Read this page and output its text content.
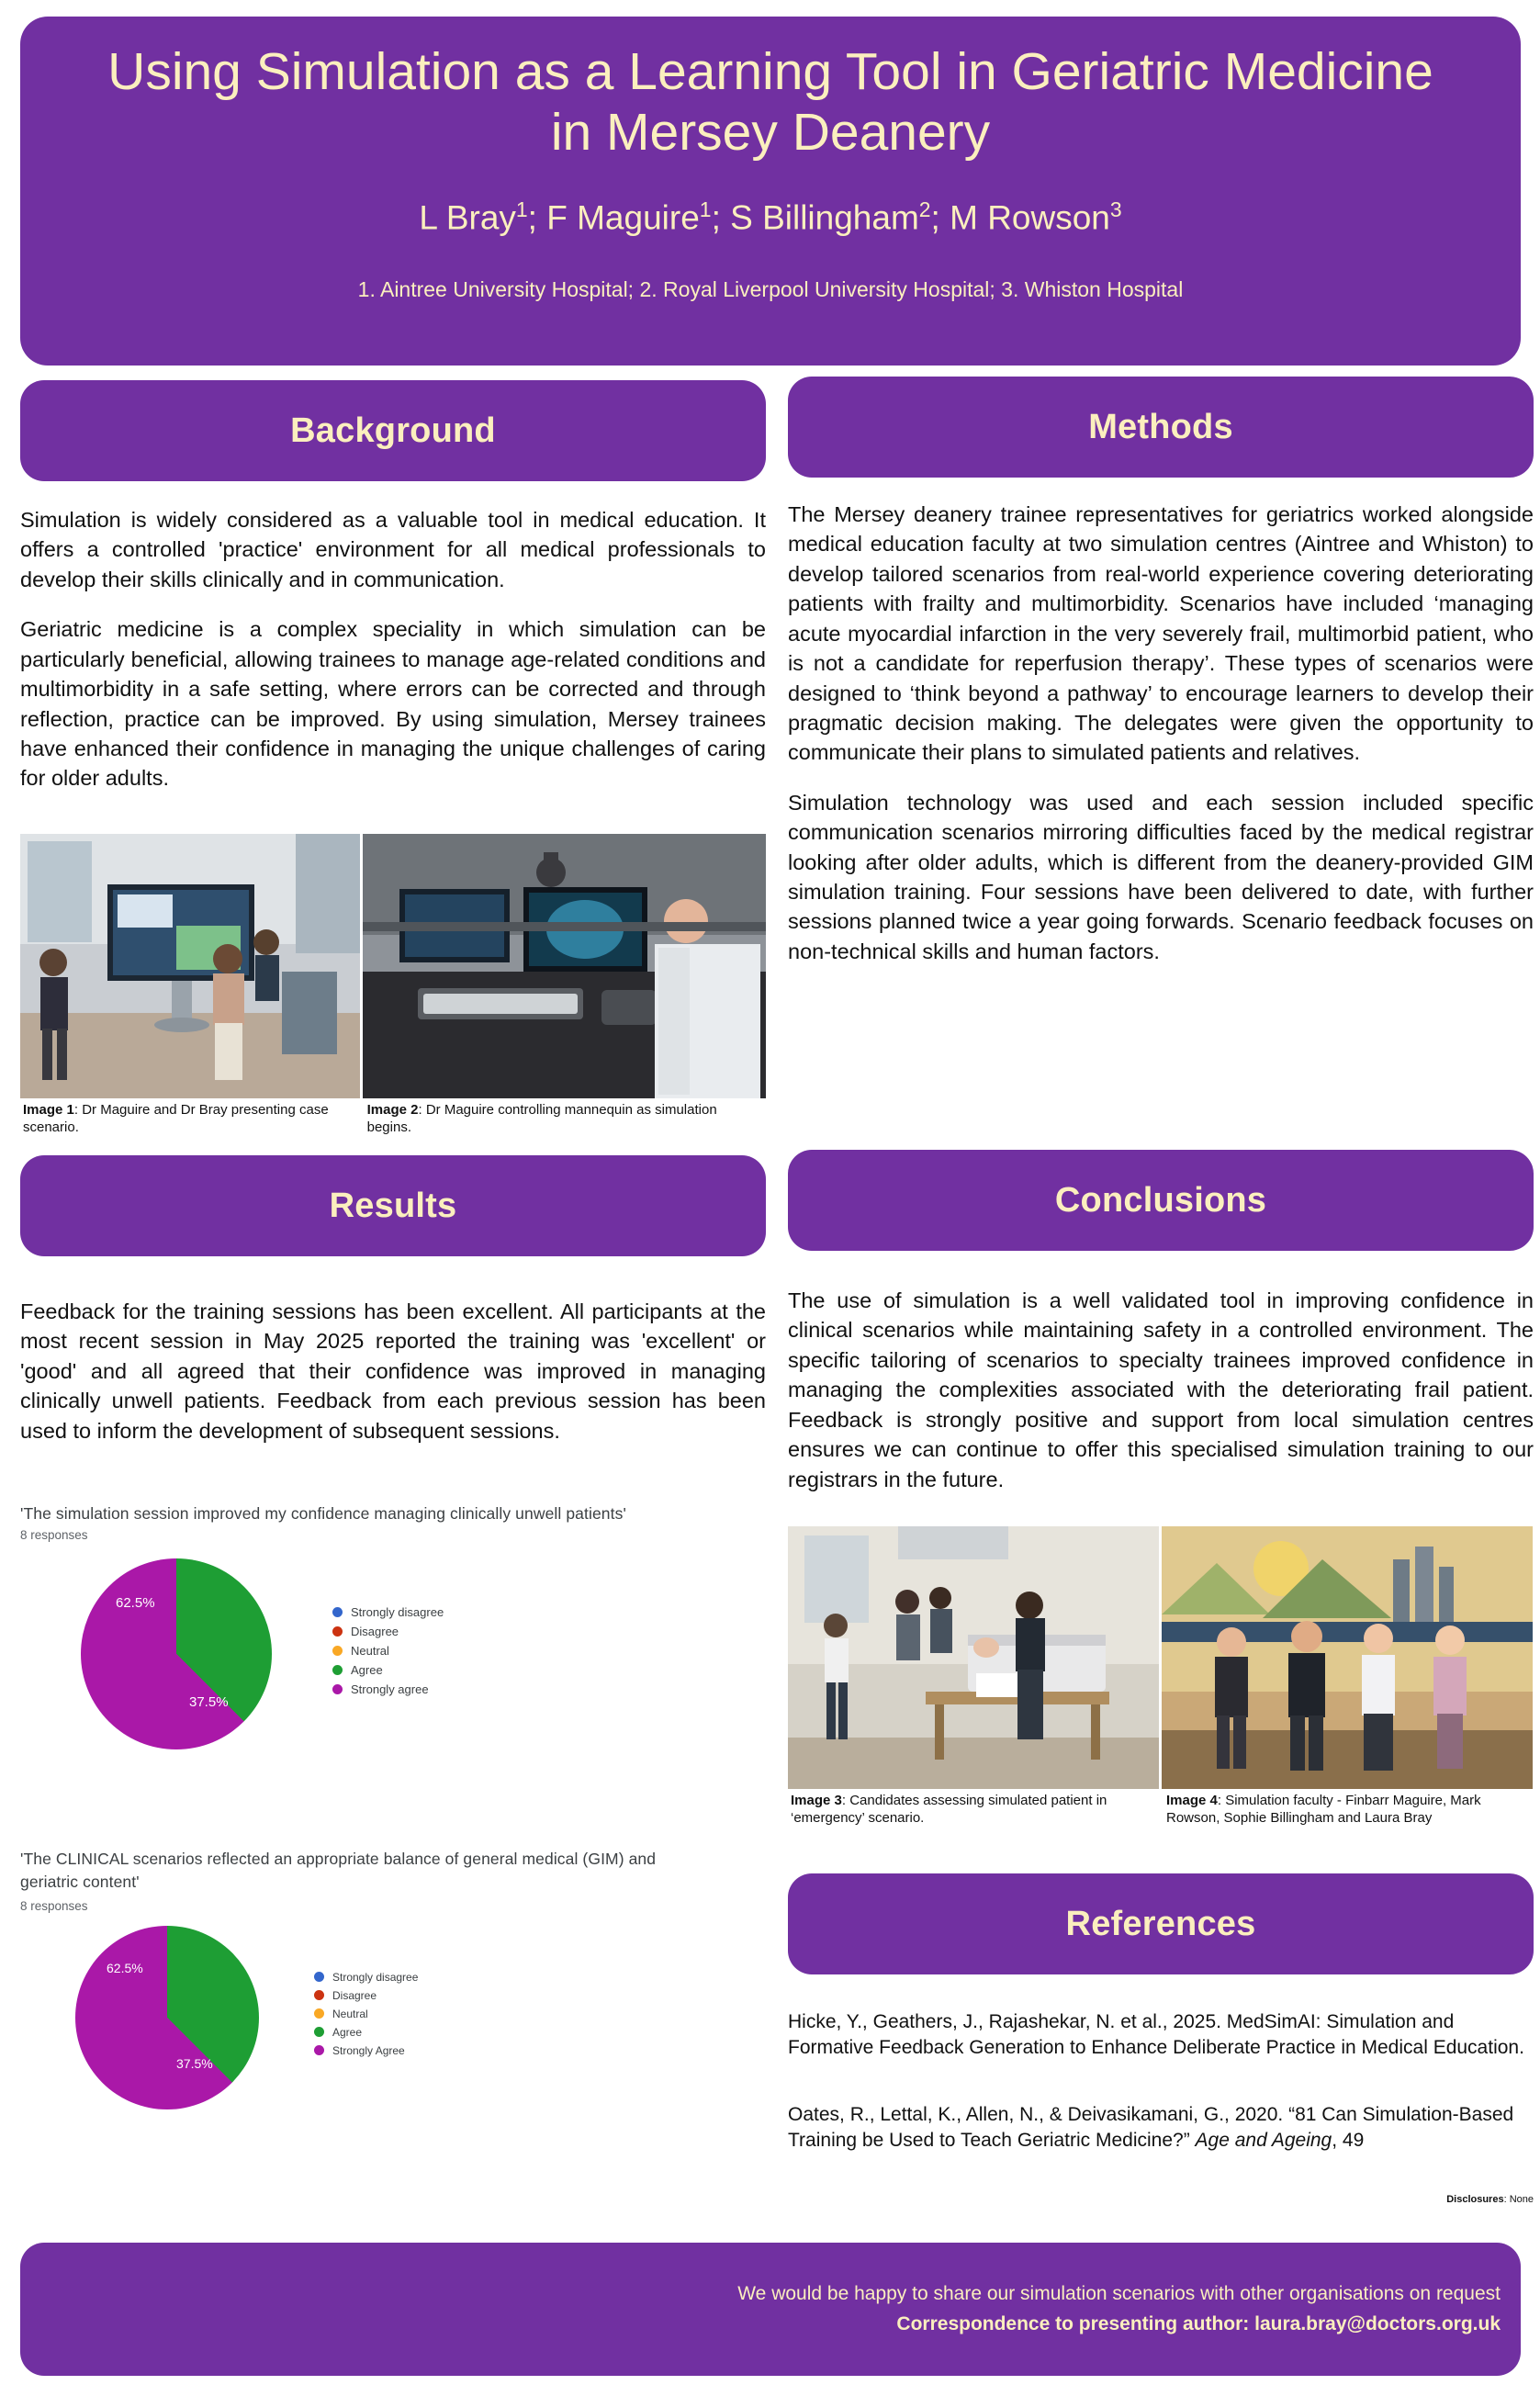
Using Simulation as a Learning Tool in Geriatric Medicine in Mersey Deanery
L Bray$^1$; F Maguire$^1$; S Billingham$^2$; M Rowson$^3$
1. Aintree University Hospital; 2. Royal Liverpool University Hospital; 3. Whiston Hospital
Background

Simulation is widely considered as a valuable tool in medical education. It offers a controlled 'practice' environment for all medical professionals to develop their skills clinically and in communication.

Geriatric medicine is a complex speciality in which simulation can be particularly beneficial, allowing trainees to manage age-related conditions and multimorbidity in a safe setting, where errors can be corrected and through reflection, practice can be improved. By using simulation, Mersey trainees have enhanced their confidence in managing the unique challenges of caring for older adults.

Image 1: Dr Maguire and Dr Bray presenting case scenario.
Image 2: Dr Maguire controlling mannequin as simulation begins.
Methods

The Mersey deanery trainee representatives for geriatrics worked alongside medical education faculty at two simulation centres (Aintree and Whiston) to develop tailored scenarios from real-world experience covering deteriorating patients with frailty and multimorbidity. Scenarios have included ‘managing acute myocardial infarction in the very severely frail, multimorbid patient, who is not a candidate for reperfusion therapy’. These types of scenarios were designed to ‘think beyond a pathway’ to encourage learners to develop their pragmatic decision making. The delegates were given the opportunity to communicate their plans to simulated patients and relatives.

Simulation technology was used and each session included specific communication scenarios mirroring difficulties faced by the medical registrar looking after older adults, which is different from the deanery-provided GIM simulation training. Four sessions have been delivered to date, with further sessions planned twice a year going forwards. Scenario feedback focuses on non-technical skills and human factors.

Results

Feedback for the training sessions has been excellent. All participants at the most recent session in May 2025 reported the training was 'excellent' or 'good' and all agreed that their confidence was improved in managing clinically unwell patients. Feedback from each previous session has been used to inform the development of subsequent sessions.

'The simulation session improved my confidence managing clinically unwell patients'
8 responses
62.5%
37.5%
Strongly disagree
Disagree
Neutral
Agree
Strongly agree
'The CLINICAL scenarios reflected an appropriate balance of general medical (GIM) and geriatric content'
8 responses
62.5%
37.5%
Strongly disagree
Disagree
Neutral
Agree
Strongly Agree
Conclusions

The use of simulation is a well validated tool in improving confidence in clinical scenarios while maintaining safety in a controlled environment. The specific tailoring of scenarios to specialty trainees improved confidence in managing the complexities associated with the deteriorating frail patient. Feedback is strongly positive and support from local simulation centres ensures we can continue to offer this specialised simulation training to our registrars in the future.

Image 3: Candidates assessing simulated patient in ‘emergency’ scenario.
Image 4: Simulation faculty - Finbarr Maguire, Mark Rowson, Sophie Billingham and Laura Bray
References

Hicke, Y., Geathers, J., Rajashekar, N. et al., 2025. MedSimAI: Simulation and Formative Feedback Generation to Enhance Deliberate Practice in Medical Education.

Oates, R., Lettal, K., Allen, N., & Deivasikamani, G., 2020. “81 Can Simulation-Based Training be Used to Teach Geriatric Medicine?” Age and Ageing, 49

Disclosures: None
We would be happy to share our simulation scenarios with other organisations on request
Correspondence to presenting author: laura.bray@doctors.org.uk
